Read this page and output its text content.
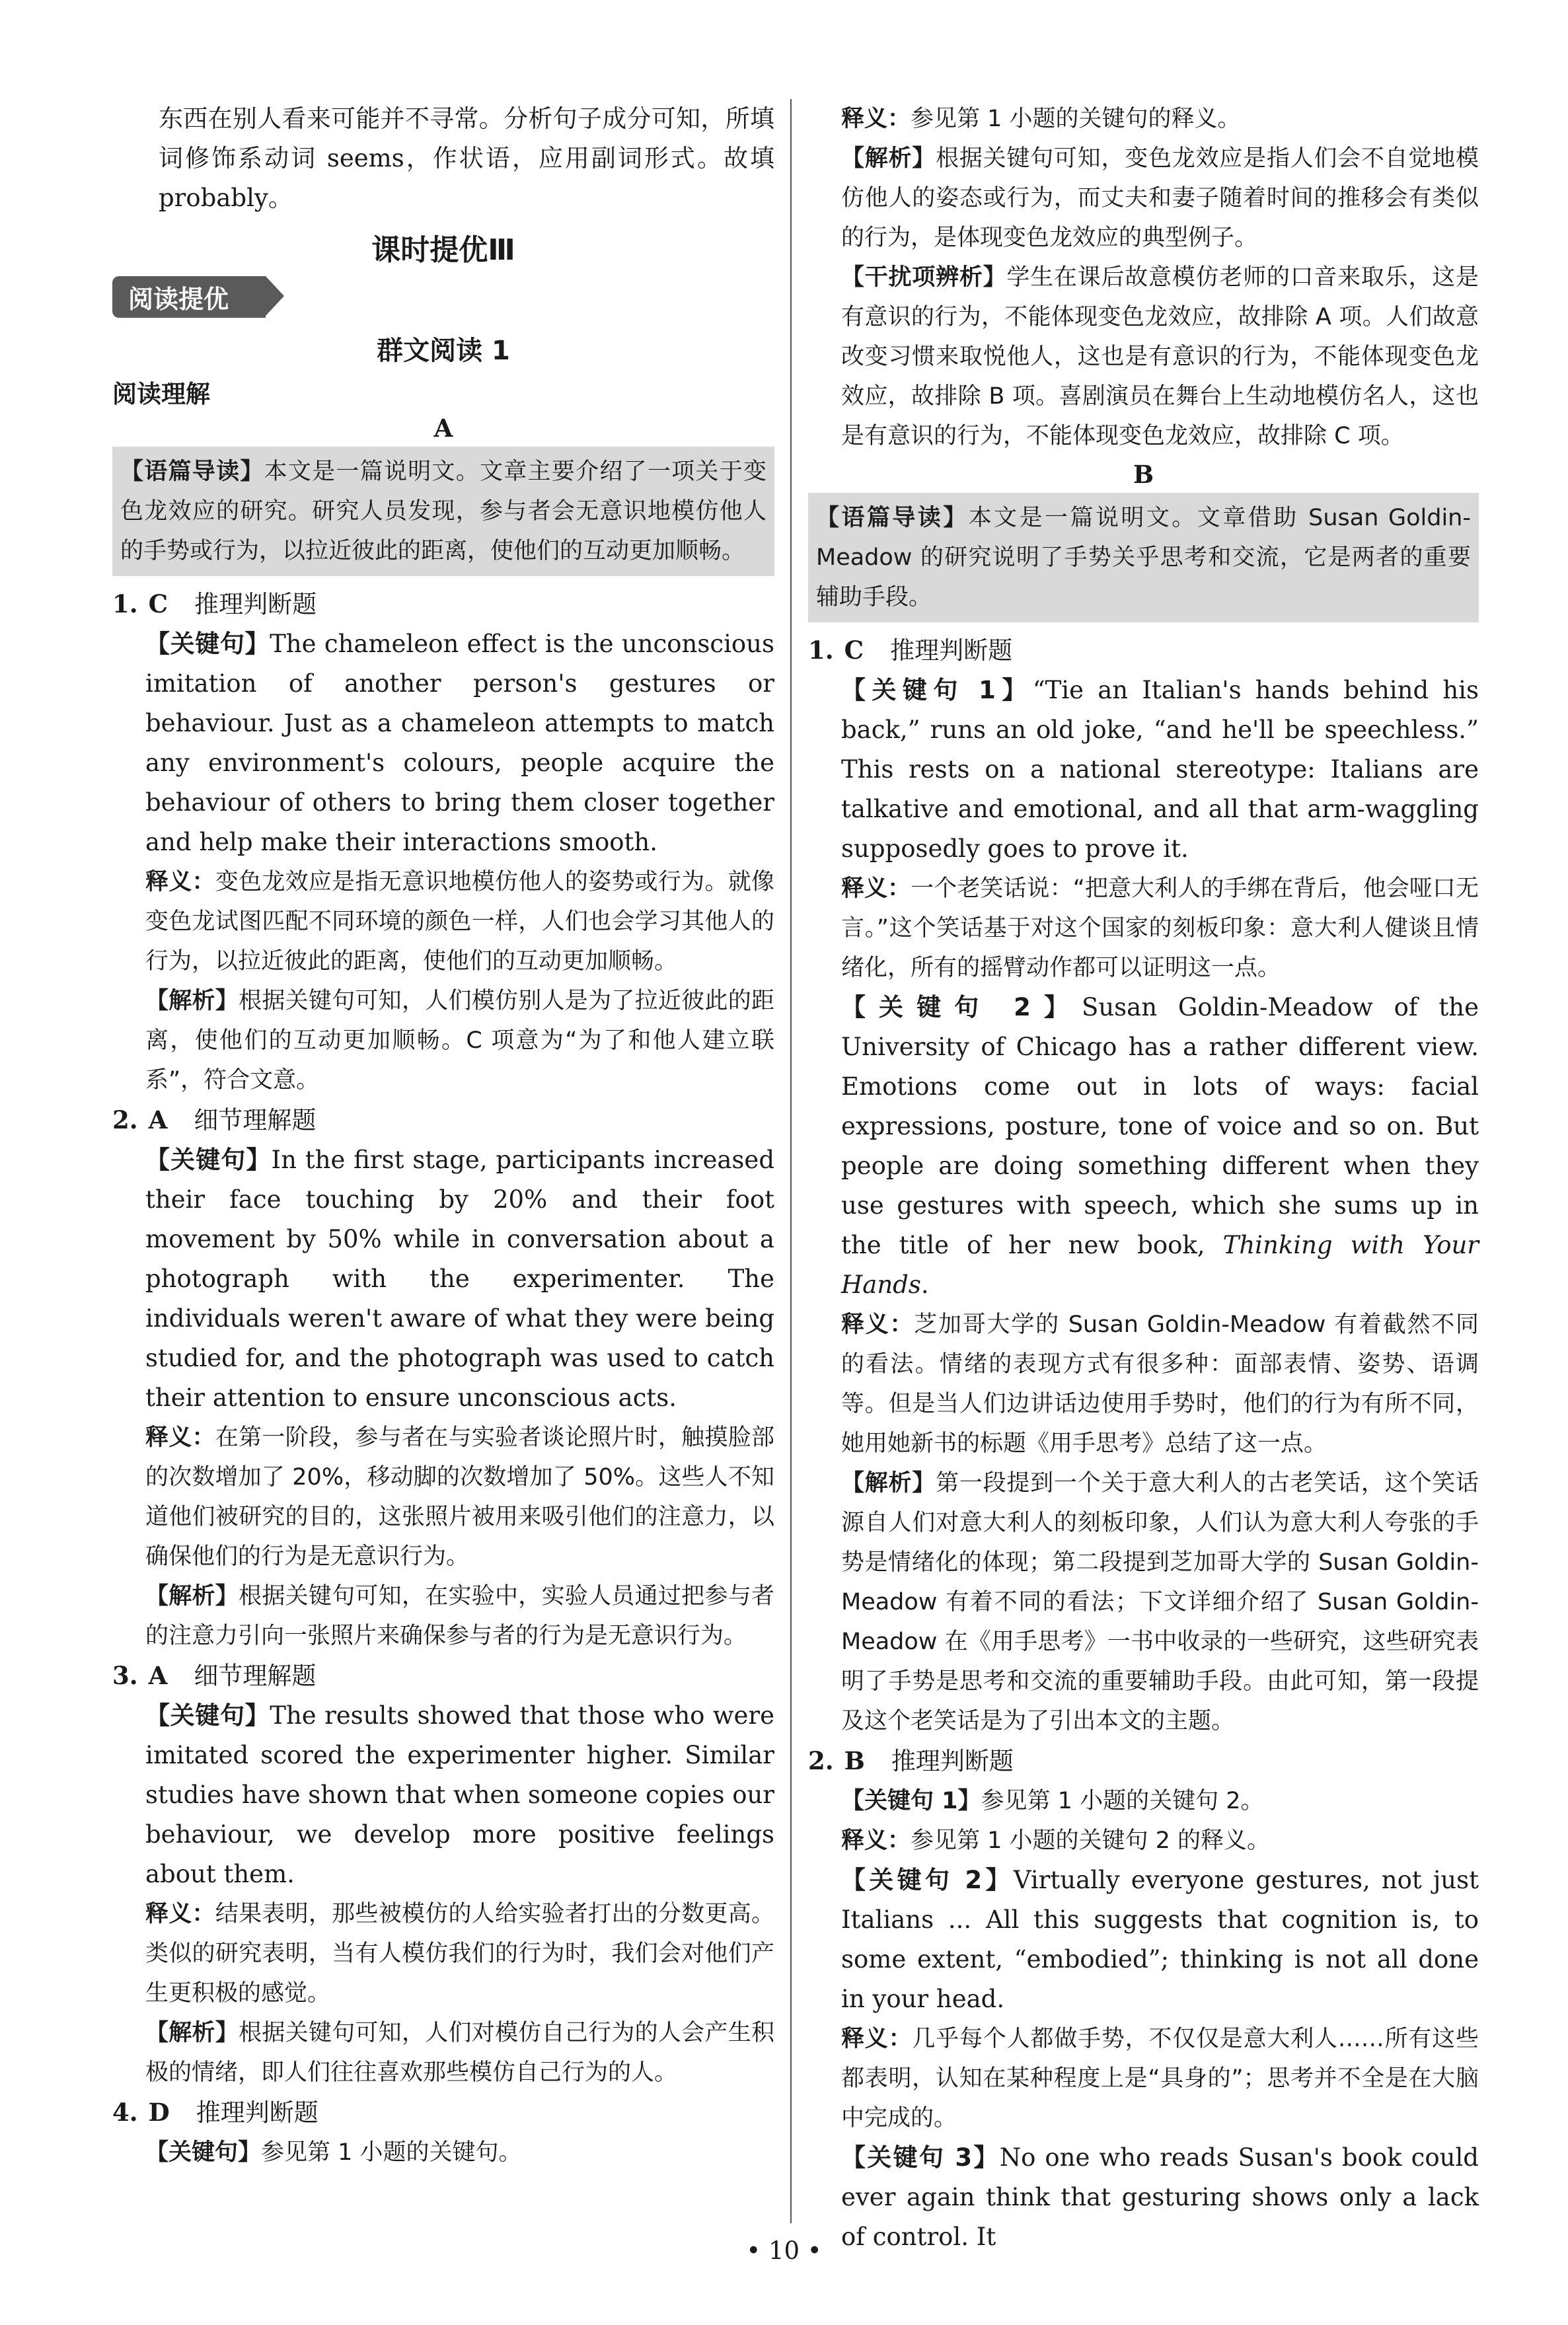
东西在别人看来可能并不寻常。分析句子成分可知，所填词修饰系动词 seems，作状语，应用副词形式。故填 probably。

课时提优Ⅲ
阅读提优
群文阅读 1
阅读理解
A
【语篇导读】本文是一篇说明文。文章主要介绍了一项关于变色龙效应的研究。研究人员发现，参与者会无意识地模仿他人的手势或行为，以拉近彼此的距离，使他们的互动更加顺畅。

1. C 推理判断题

【关键句】The chameleon effect is the unconscious imitation of another person's gestures or behaviour. Just as a chameleon attempts to match any environment's colours, people acquire the behaviour of others to bring them closer together and help make their interactions smooth.

释义：变色龙效应是指无意识地模仿他人的姿势或行为。就像变色龙试图匹配不同环境的颜色一样，人们也会学习其他人的行为，以拉近彼此的距离，使他们的互动更加顺畅。

【解析】根据关键句可知，人们模仿别人是为了拉近彼此的距离，使他们的互动更加顺畅。C 项意为“为了和他人建立联系”，符合文意。

2. A 细节理解题

【关键句】In the first stage, participants increased their face touching by 20% and their foot movement by 50% while in conversation about a photograph with the experimenter. The individuals weren't aware of what they were being studied for, and the photograph was used to catch their attention to ensure unconscious acts.

释义：在第一阶段，参与者在与实验者谈论照片时，触摸脸部的次数增加了 20%，移动脚的次数增加了 50%。这些人不知道他们被研究的目的，这张照片被用来吸引他们的注意力，以确保他们的行为是无意识行为。

【解析】根据关键句可知，在实验中，实验人员通过把参与者的注意力引向一张照片来确保参与者的行为是无意识行为。

3. A 细节理解题

【关键句】The results showed that those who were imitated scored the experimenter higher. Similar studies have shown that when someone copies our behaviour, we develop more positive feelings about them.

释义：结果表明，那些被模仿的人给实验者打出的分数更高。类似的研究表明，当有人模仿我们的行为时，我们会对他们产生更积极的感觉。

【解析】根据关键句可知，人们对模仿自己行为的人会产生积极的情绪，即人们往往喜欢那些模仿自己行为的人。

4. D 推理判断题

【关键句】参见第 1 小题的关键句。

释义：参见第 1 小题的关键句的释义。

【解析】根据关键句可知，变色龙效应是指人们会不自觉地模仿他人的姿态或行为，而丈夫和妻子随着时间的推移会有类似的行为，是体现变色龙效应的典型例子。

【干扰项辨析】学生在课后故意模仿老师的口音来取乐，这是有意识的行为，不能体现变色龙效应，故排除 A 项。人们故意改变习惯来取悦他人，这也是有意识的行为，不能体现变色龙效应，故排除 B 项。喜剧演员在舞台上生动地模仿名人，这也是有意识的行为，不能体现变色龙效应，故排除 C 项。

B
【语篇导读】本文是一篇说明文。文章借助 Susan Goldin-Meadow 的研究说明了手势关乎思考和交流，它是两者的重要辅助手段。

1. C 推理判断题

【关键句 1】“Tie an Italian's hands behind his back,” runs an old joke, “and he'll be speechless.” This rests on a national stereotype: Italians are talkative and emotional, and all that arm-waggling supposedly goes to prove it.

释义：一个老笑话说：“把意大利人的手绑在背后，他会哑口无言。”这个笑话基于对这个国家的刻板印象：意大利人健谈且情绪化，所有的摇臂动作都可以证明这一点。

【关键句 2】Susan Goldin-Meadow of the University of Chicago has a rather different view. Emotions come out in lots of ways: facial expressions, posture, tone of voice and so on. But people are doing something different when they use gestures with speech, which she sums up in the title of her new book, Thinking with Your Hands.

释义：芝加哥大学的 Susan Goldin-Meadow 有着截然不同的看法。情绪的表现方式有很多种：面部表情、姿势、语调等。但是当人们边讲话边使用手势时，他们的行为有所不同，她用她新书的标题《用手思考》总结了这一点。

【解析】第一段提到一个关于意大利人的古老笑话，这个笑话源自人们对意大利人的刻板印象，人们认为意大利人夸张的手势是情绪化的体现；第二段提到芝加哥大学的 Susan Goldin-Meadow 有着不同的看法；下文详细介绍了 Susan Goldin-Meadow 在《用手思考》一书中收录的一些研究，这些研究表明了手势是思考和交流的重要辅助手段。由此可知，第一段提及这个老笑话是为了引出本文的主题。

2. B 推理判断题

【关键句 1】参见第 1 小题的关键句 2。

释义：参见第 1 小题的关键句 2 的释义。

【关键句 2】Virtually everyone gestures, not just Italians ... All this suggests that cognition is, to some extent, “embodied”; thinking is not all done in your head.

释义：几乎每个人都做手势，不仅仅是意大利人……所有这些都表明，认知在某种程度上是“具身的”；思考并不全是在大脑中完成的。

【关键句 3】No one who reads Susan's book could ever again think that gesturing shows only a lack of control. It

• 10 •
